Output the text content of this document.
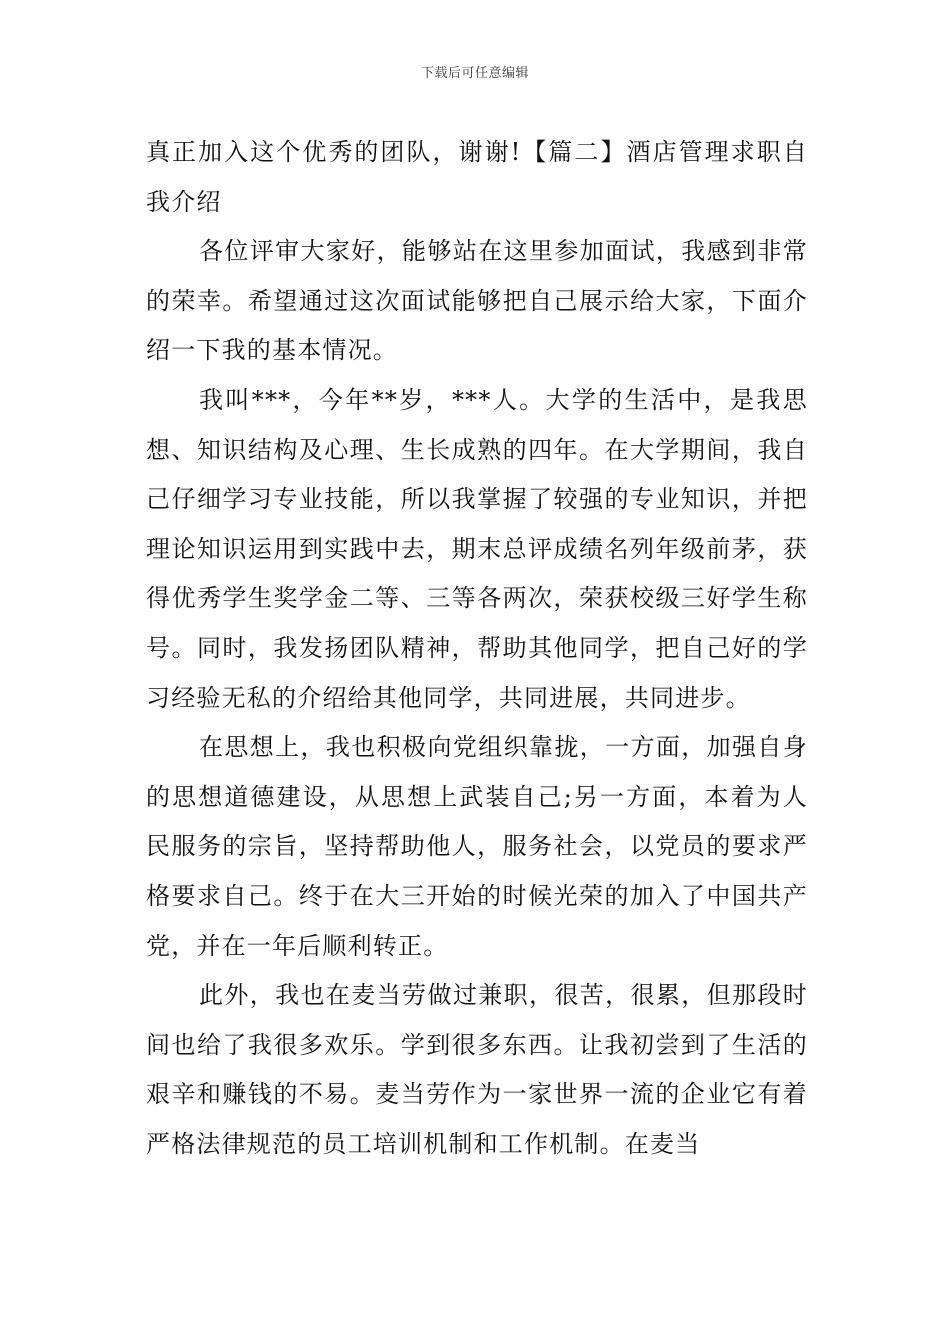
下载后可任意编辑

真正加入这个优秀的团队，谢谢!【篇二】酒店管理求职自我介绍

各位评审大家好，能够站在这里参加面试，我感到非常的荣幸。希望通过这次面试能够把自己展示给大家，下面介绍一下我的基本情况。

我叫***，今年**岁，***人。大学的生活中，是我思想、知识结构及心理、生长成熟的四年。在大学期间，我自己仔细学习专业技能，所以我掌握了较强的专业知识，并把理论知识运用到实践中去，期末总评成绩名列年级前茅，获得优秀学生奖学金二等、三等各两次，荣获校级三好学生称号。同时，我发扬团队精神，帮助其他同学，把自己好的学习经验无私的介绍给其他同学，共同进展，共同进步。

在思想上，我也积极向党组织靠拢，一方面，加强自身的思想道德建设，从思想上武装自己;另一方面，本着为人民服务的宗旨，坚持帮助他人，服务社会，以党员的要求严格要求自己。终于在大三开始的时候光荣的加入了中国共产党，并在一年后顺利转正。

此外，我也在麦当劳做过兼职，很苦，很累，但那段时间也给了我很多欢乐。学到很多东西。让我初尝到了生活的艰辛和赚钱的不易。麦当劳作为一家世界一流的企业它有着严格法律规范的员工培训机制和工作机制。在麦当
